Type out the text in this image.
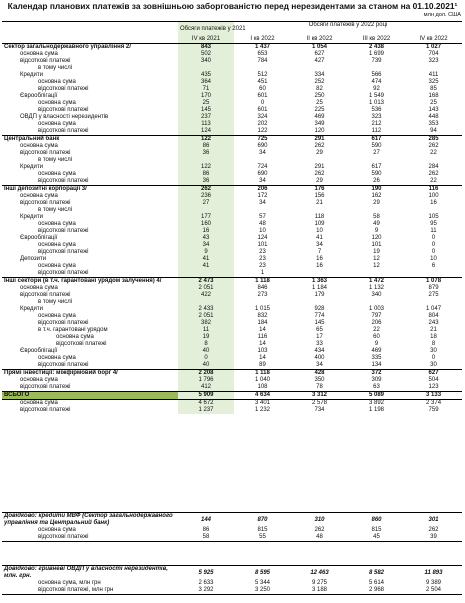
Календар планових платежів за зовнішньою заборгованістю перед нерезидентами за станом на 01.10.2021¹
млн дол. США
	Обсяги платежів у 2021	Обсяги платежів у 2022 році			

	IV кв 2021	I кв 2022	II кв 2022	III кв 2022	IV кв 2022
Сектор загальнодержавного управління 2/	843	1 437	1 054	2 438	1 027
основна сума	502	653	627	1 699	704
відсоткові платежі	340	784	427	739	323
в тому числі					
Кредити	435	512	334	566	411
основна сума	364	451	252	474	325
відсоткові платежі	71	60	82	92	85
Єврооблігації	170	601	250	1 549	168
основна сума	25	0	25	1 013	25
відсоткові платежі	145	601	225	536	143
ОВДП у власності нерезидентів	237	324	469	323	448
основна сума	113	202	349	212	353
відсоткові платежі	124	122	120	112	94
Центральний банк	122	725	291	617	285
основна сума	86	690	262	590	262
відсоткові платежі	36	34	29	27	22
в тому числі					
Кредити	122	724	291	617	284
основна сума	86	690	262	590	262
відсоткові платежі	36	34	29	26	22
Інші депозитні корпорації 3/	262	206	176	190	116
основна сума	236	172	156	162	100
відсоткові платежі	27	34	21	29	16
в тому числі					
Кредити	177	57	118	58	105
основна сума	160	48	109	49	95
відсоткові платежі	16	10	10	9	11
Єврооблігації	43	124	41	120	0
основна сума	34	101	34	101	0
відсоткові платежі	9	23	7	19	0
Депозити	41	23	16	12	10
основна сума	41	23	16	12	6
відсоткові платежі		1			
Інші сектори (в т.ч. гарантовані урядом залучення) 4/	2 473	1 118	1 363	1 472	1 078
основна сума	2 051	846	1 184	1 132	879
відсоткові платежі	422	273	179	340	275
в тому числі					
Кредити	2 433	1 015	928	1 003	1 047
основна сума	2 051	832	774	797	804
відсоткові платежі	382	184	145	206	243
в т.ч. гарантовані урядом	11	14	65	22	21
основна сума	19	116	17	60	18
відсоткові платежі	8	14	33	9	8
Єврооблігації	40	103	434	469	30
основна сума	0	14	400	335	0
відсоткові платежі	40	89	34	134	30
Прямі інвестиції: міжфірмовий борг 4/	2 208	1 118	428	372	627
основна сума	1 796	1 040	350	309	504
відсоткові платежі	412	108	78	63	123
ВСЬОГО	5 909	4 634	3 312	5 089	3 133
основна сума	4 672	3 401	2 578	3 892	2 374
відсоткові платежі	1 237	1 232	734	1 198	759
Довідково: кредити МВФ (Сектор загальнодержавного управління та Центральний банк)	144	870	310	860	301
основна сума	86	815	262	815	262
відсоткові платежі	58	55	48	45	39
Довідково: гривневі ОВДП у власності нерезидентів, млн. грн.	5 925	8 595	12 463	8 582	11 893
основна сума, млн грн	2 633	5 344	9 275	5 614	9 389
відсоткові платежі, млн грн	3 292	3 250	3 188	2 968	2 504
